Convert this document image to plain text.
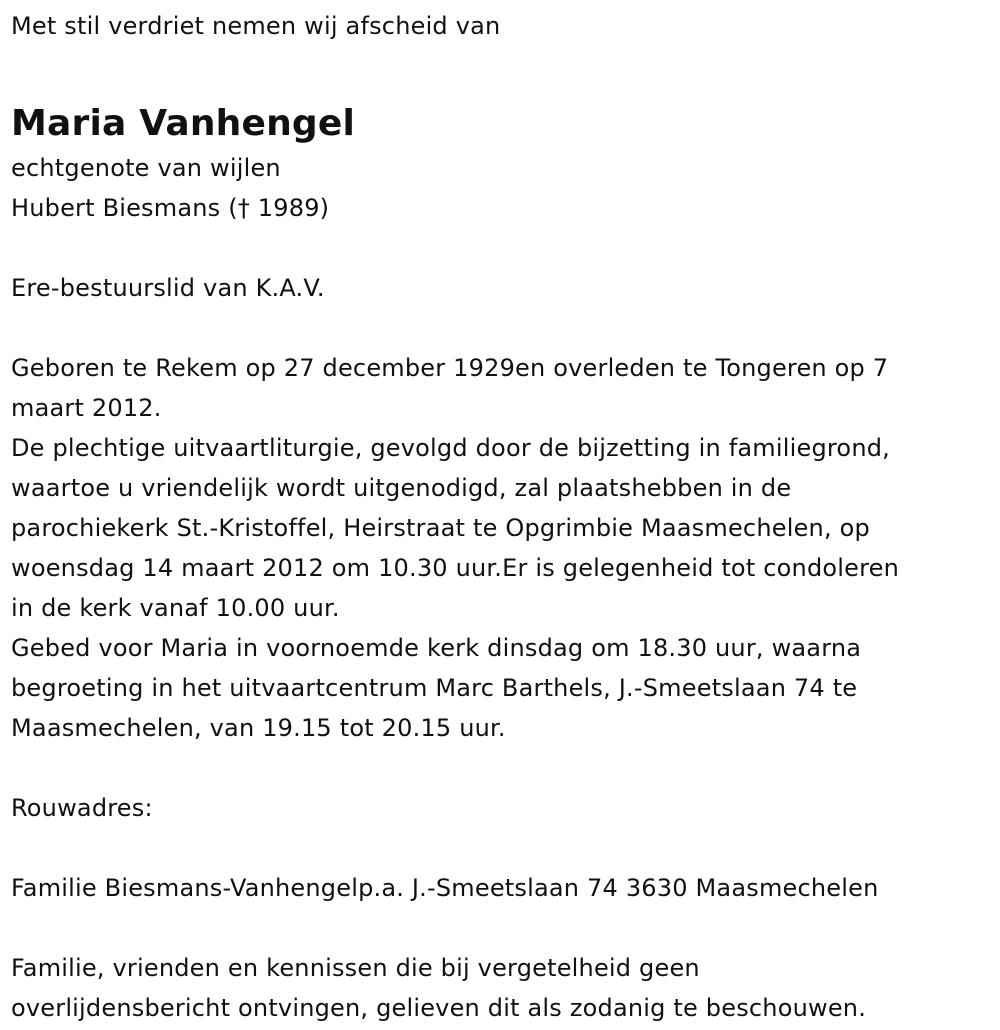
Met stil verdriet nemen wij afscheid van

Maria Vanhengel

echtgenote van wijlen

Hubert Biesmans († 1989)

Ere-bestuurslid van K.A.V.

Geboren te Rekem op 27 december 1929en overleden te Tongeren op 7

maart 2012.

De plechtige uitvaartliturgie, gevolgd door de bijzetting in familiegrond,

waartoe u vriendelijk wordt uitgenodigd, zal plaatshebben in de

parochiekerk St.-Kristoffel, Heirstraat te Opgrimbie Maasmechelen, op

woensdag 14 maart 2012 om 10.30 uur.Er is gelegenheid tot condoleren

in de kerk vanaf 10.00 uur.

Gebed voor Maria in voornoemde kerk dinsdag om 18.30 uur, waarna

begroeting in het uitvaartcentrum Marc Barthels, J.-Smeetslaan 74 te

Maasmechelen, van 19.15 tot 20.15 uur.

Rouwadres:

Familie Biesmans-Vanhengelp.a. J.-Smeetslaan 74 3630 Maasmechelen

Familie, vrienden en kennissen die bij vergetelheid geen

overlijdensbericht ontvingen, gelieven dit als zodanig te beschouwen.
